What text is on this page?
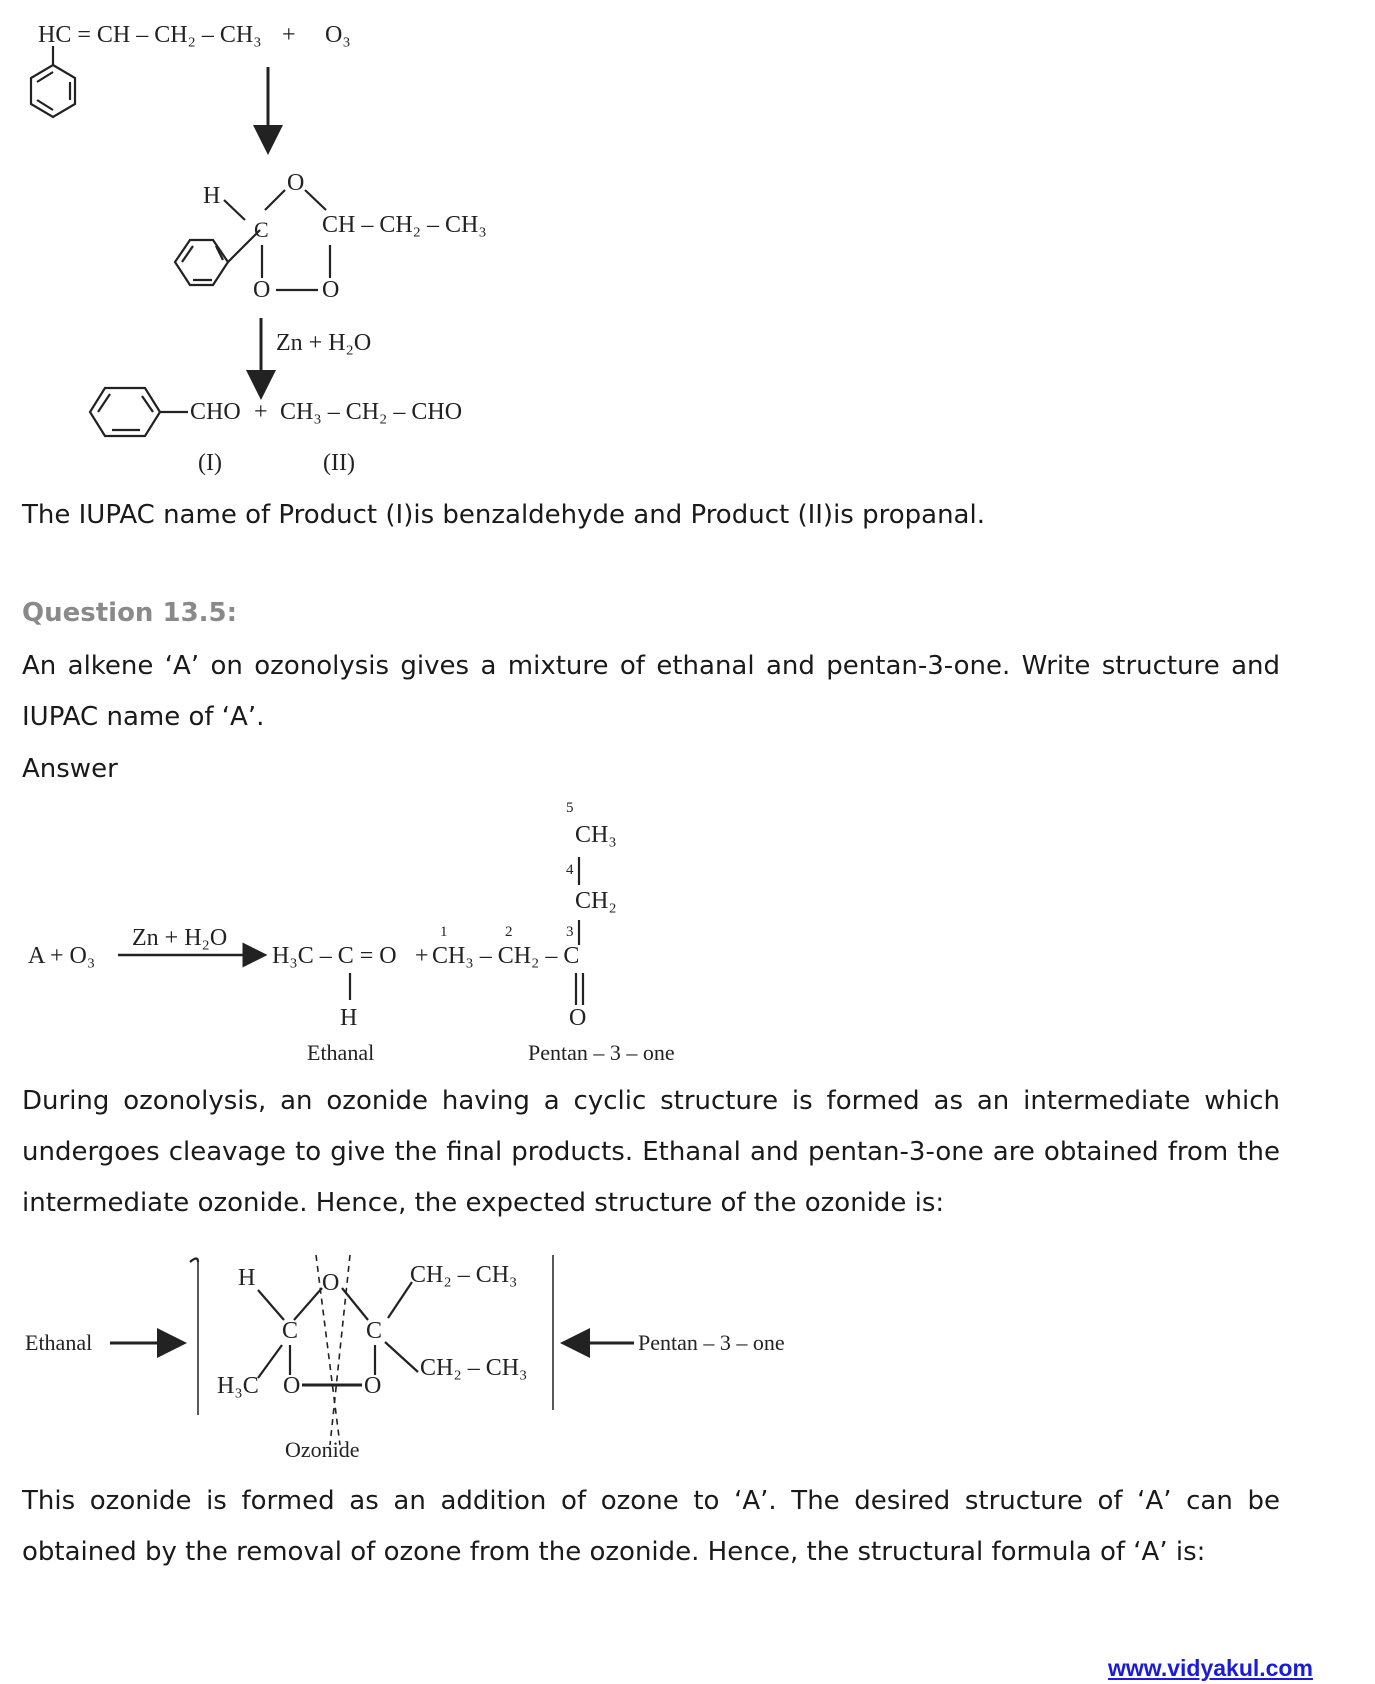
HC = CH – CH₂ – CH₃ + O₃
H
C
O
CH – CH₂ – CH₃
O O
Zn + H₂O
CHO + CH₃ – CH₂ – CHO
(I)	(II)
The IUPAC name of Product (I)is benzaldehyde and Product (II)is propanal.
Question 13.5:
An alkene ‘A’ on ozonolysis gives a mixture of ethanal and pentan-3-one. Write structure and IUPAC name of ‘A’.
Answer
A + O₃
Zn + H₂O
H₃C – C = O
H
+ CH₃ – CH₂ – C
O
CH₂
CH₃
1	2	3
4
5
Ethanal	Pentan – 3 – one
During ozonolysis, an ozonide having a cyclic structure is formed as an intermediate which undergoes cleavage to give the final products. Ethanal and pentan-3-one are obtained from the intermediate ozonide. Hence, the expected structure of the ozonide is:
Ethanal	Pentan – 3 – one
H	O
C	C
H₃C O	O
CH₂ – CH₃
CH₂ – CH₃
Ozonide
This ozonide is formed as an addition of ozone to ‘A’. The desired structure of ‘A’ can be obtained by the removal of ozone from the ozonide. Hence, the structural formula of ‘A’ is:
www.vidyakul.com
